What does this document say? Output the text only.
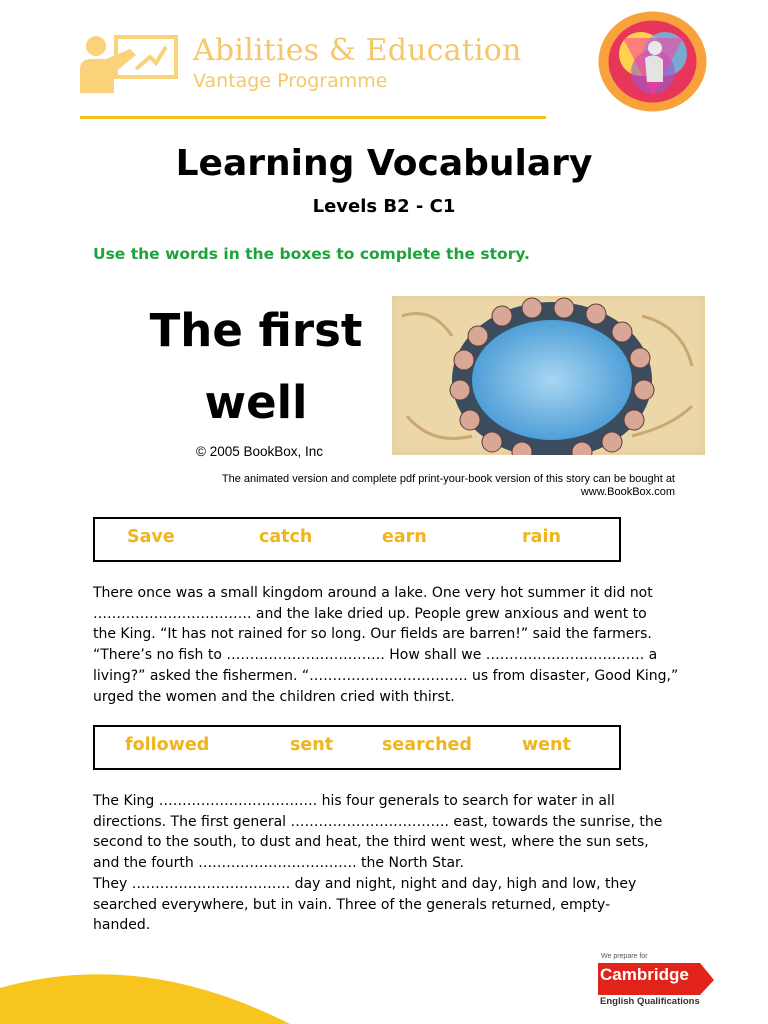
Abilities & Education
Vantage Programme
Learning Vocabulary
Levels B2 - C1
Use the words in the boxes to complete the story.
The first
well
© 2005 BookBox, Inc
The animated version and complete pdf print-your-book version of this story can be bought at
www.BookBox.com
Save	catch	earn	rain
There once was a small kingdom around a lake. One very hot summer it did not
……………………………. and the lake dried up. People grew anxious and went to
the King. “It has not rained for so long. Our fields are barren!” said the farmers.
“There’s no fish to ……………………………. How shall we ……………………………. a
living?” asked the fishermen. “……………………………. us from disaster, Good King,”
urged the women and the children cried with thirst.
followed	sent	searched	went
The King ……………………………. his four generals to search for water in all
directions. The first general ……………………………. east, towards the sunrise, the
second to the south, to dust and heat, the third went west, where the sun sets,
and the fourth ……………………………. the North Star.
They ……………………………. day and night, night and day, high and low, they
searched everywhere, but in vain. Three of the generals returned, empty-
handed.
We prepare for
Cambridge
English Qualifications
